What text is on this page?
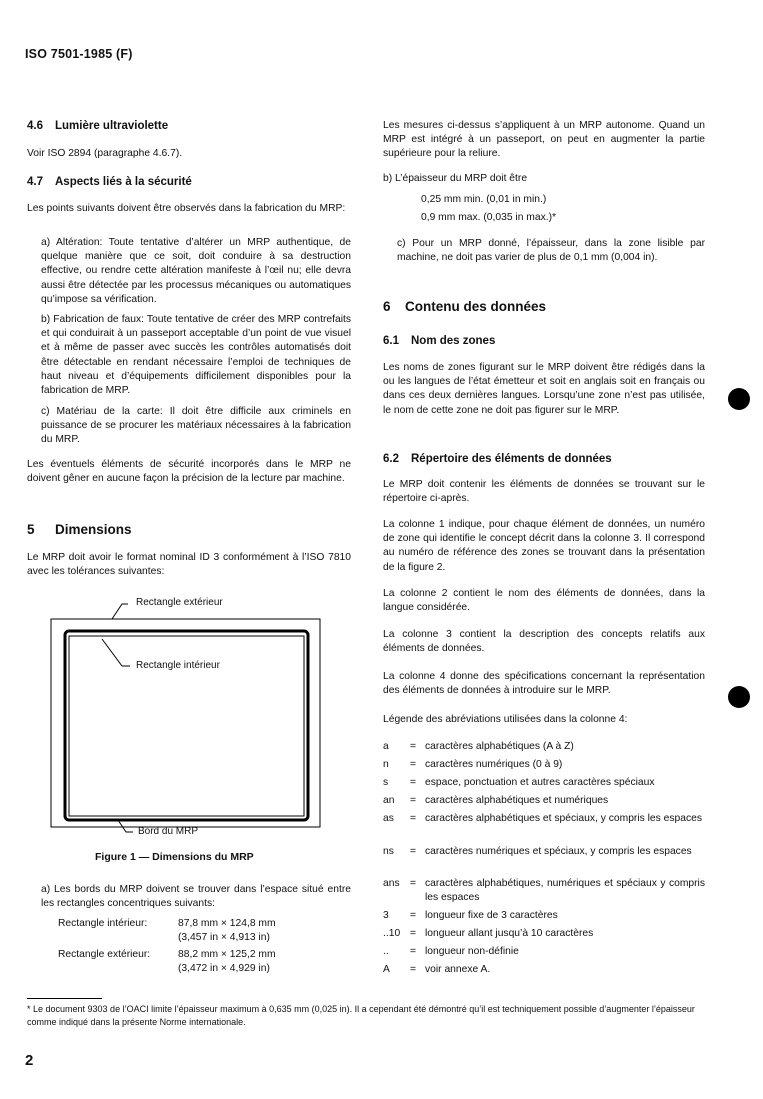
ISO 7501-1985 (F)
4.6 Lumière ultraviolette
Voir ISO 2894 (paragraphe 4.6.7).
4.7 Aspects liés à la sécurité

Les points suivants doivent être observés dans la fabrication du MRP:

a) Altération: Toute tentative d’altérer un MRP authentique, de quelque manière que ce soit, doit conduire à sa destruction effective, ou rendre cette altération manifeste à l’œil nu; elle devra aussi être détectée par les processus mécaniques ou automatiques qu’impose sa vérification.

b) Fabrication de faux: Toute tentative de créer des MRP contrefaits et qui conduirait à un passeport acceptable d’un point de vue visuel et à même de passer avec succès les contrôles automatisés doit être détectable en rendant nécessaire l’emploi de techniques de haut niveau et d’équipements difficilement disponibles pour la fabrication de MRP.

c) Matériau de la carte: Il doit être difficile aux criminels en puissance de se procurer les matériaux nécessaires à la fabrication du MRP.

Les éventuels éléments de sécurité incorporés dans le MRP ne doivent gêner en aucune façon la précision de la lecture par machine.

5 Dimensions

Le MRP doit avoir le format nominal ID 3 conformément à l’ISO 7810 avec les tolérances suivantes:

Rectangle extérieur
Rectangle intérieur
Bord du MRP
Figure 1 — Dimensions du MRP

a) Les bords du MRP doivent se trouver dans l’espace situé entre les rectangles concentriques suivants:

Rectangle intérieur:	87,8 mm × 124,8 mm
(3,457 in × 4,913 in)
Rectangle extérieur:	88,2 mm × 125,2 mm
(3,472 in × 4,929 in)

Les mesures ci-dessus s’appliquent à un MRP autonome. Quand un MRP est intégré à un passeport, on peut en augmenter la partie supérieure pour la reliure.

b) L’épaisseur du MRP doit être
0,25 mm min. (0,01 in min.)
0,9 mm max. (0,035 in max.)*

c) Pour un MRP donné, l’épaisseur, dans la zone lisible par machine, ne doit pas varier de plus de 0,1 mm (0,004 in).

6 Contenu des données
6.1 Nom des zones

Les noms de zones figurant sur le MRP doivent être rédigés dans la ou les langues de l’état émetteur et soit en anglais soit en français ou dans ces deux dernières langues. Lorsqu’une zone n’est pas utilisée, le nom de cette zone ne doit pas figurer sur le MRP.

6.2 Répertoire des éléments de données

Le MRP doit contenir les éléments de données se trouvant sur le répertoire ci-après.

La colonne 1 indique, pour chaque élément de données, un numéro de zone qui identifie le concept décrit dans la colonne 3. Il correspond au numéro de référence des zones se trouvant dans la présentation de la figure 2.

La colonne 2 contient le nom des éléments de données, dans la langue considérée.

La colonne 3 contient la description des concepts relatifs aux éléments de données.

La colonne 4 donne des spécifications concernant la représentation des éléments de données à introduire sur le MRP.

Légende des abréviations utilisées dans la colonne 4:
a	= caractères alphabétiques (A à Z)
n	= caractères numériques (0 à 9)
s	= espace, ponctuation et autres caractères spéciaux
an	= caractères alphabétiques et numériques
as	= caractères alphabétiques et spéciaux, y compris les espaces
ns	= caractères numériques et spéciaux, y compris les espaces
ans	= caractères alphabétiques, numériques et spéciaux y compris les espaces
3	= longueur fixe de 3 caractères
..10 = longueur allant jusqu’à 10 caractères
..	= longueur non-définie
A	= voir annexe A.
* Le document 9303 de l’OACI limite l’épaisseur maximum à 0,635 mm (0,025 in). Il a cependant été démontré qu’il est techniquement possible d’augmenter l’épaisseur comme indiqué dans la présente Norme internationale.
2
